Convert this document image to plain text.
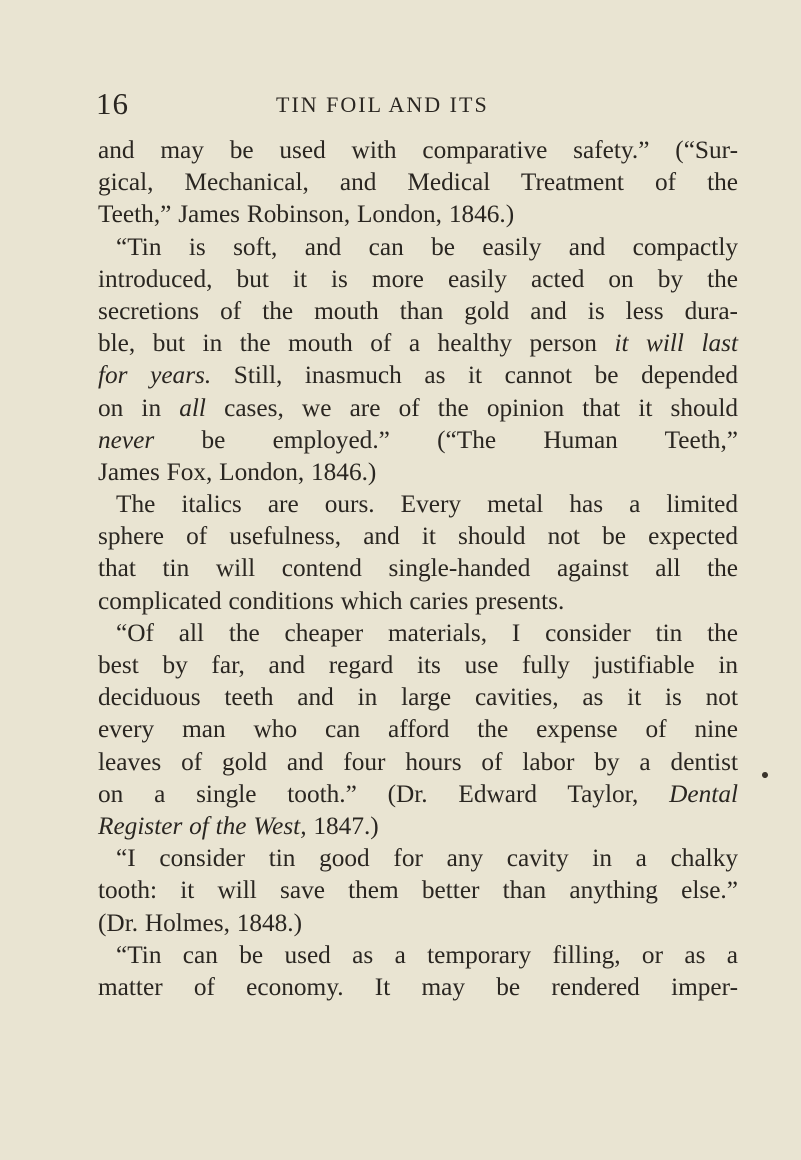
16	TIN FOIL AND ITS
and may be used with comparative safety.” (“Sur-
gical, Mechanical, and Medical Treatment of the
Teeth,” James Robinson, London, 1846.)
“Tin is soft, and can be easily and compactly
introduced, but it is more easily acted on by the
secretions of the mouth than gold and is less dura-
ble, but in the mouth of a healthy person it will last
for years. Still, inasmuch as it cannot be depended
on in all cases, we are of the opinion that it should
never be employed.” (“The Human Teeth,”
James Fox, London, 1846.)
The italics are ours. Every metal has a limited
sphere of usefulness, and it should not be expected
that tin will contend single-handed against all the
complicated conditions which caries presents.
“Of all the cheaper materials, I consider tin the
best by far, and regard its use fully justifiable in
deciduous teeth and in large cavities, as it is not
every man who can afford the expense of nine
leaves of gold and four hours of labor by a dentist
on a single tooth.” (Dr. Edward Taylor, Dental
Register of the West, 1847.)
“I consider tin good for any cavity in a chalky
tooth: it will save them better than anything else.”
(Dr. Holmes, 1848.)
“Tin can be used as a temporary filling, or as a
matter of economy. It may be rendered imper-
